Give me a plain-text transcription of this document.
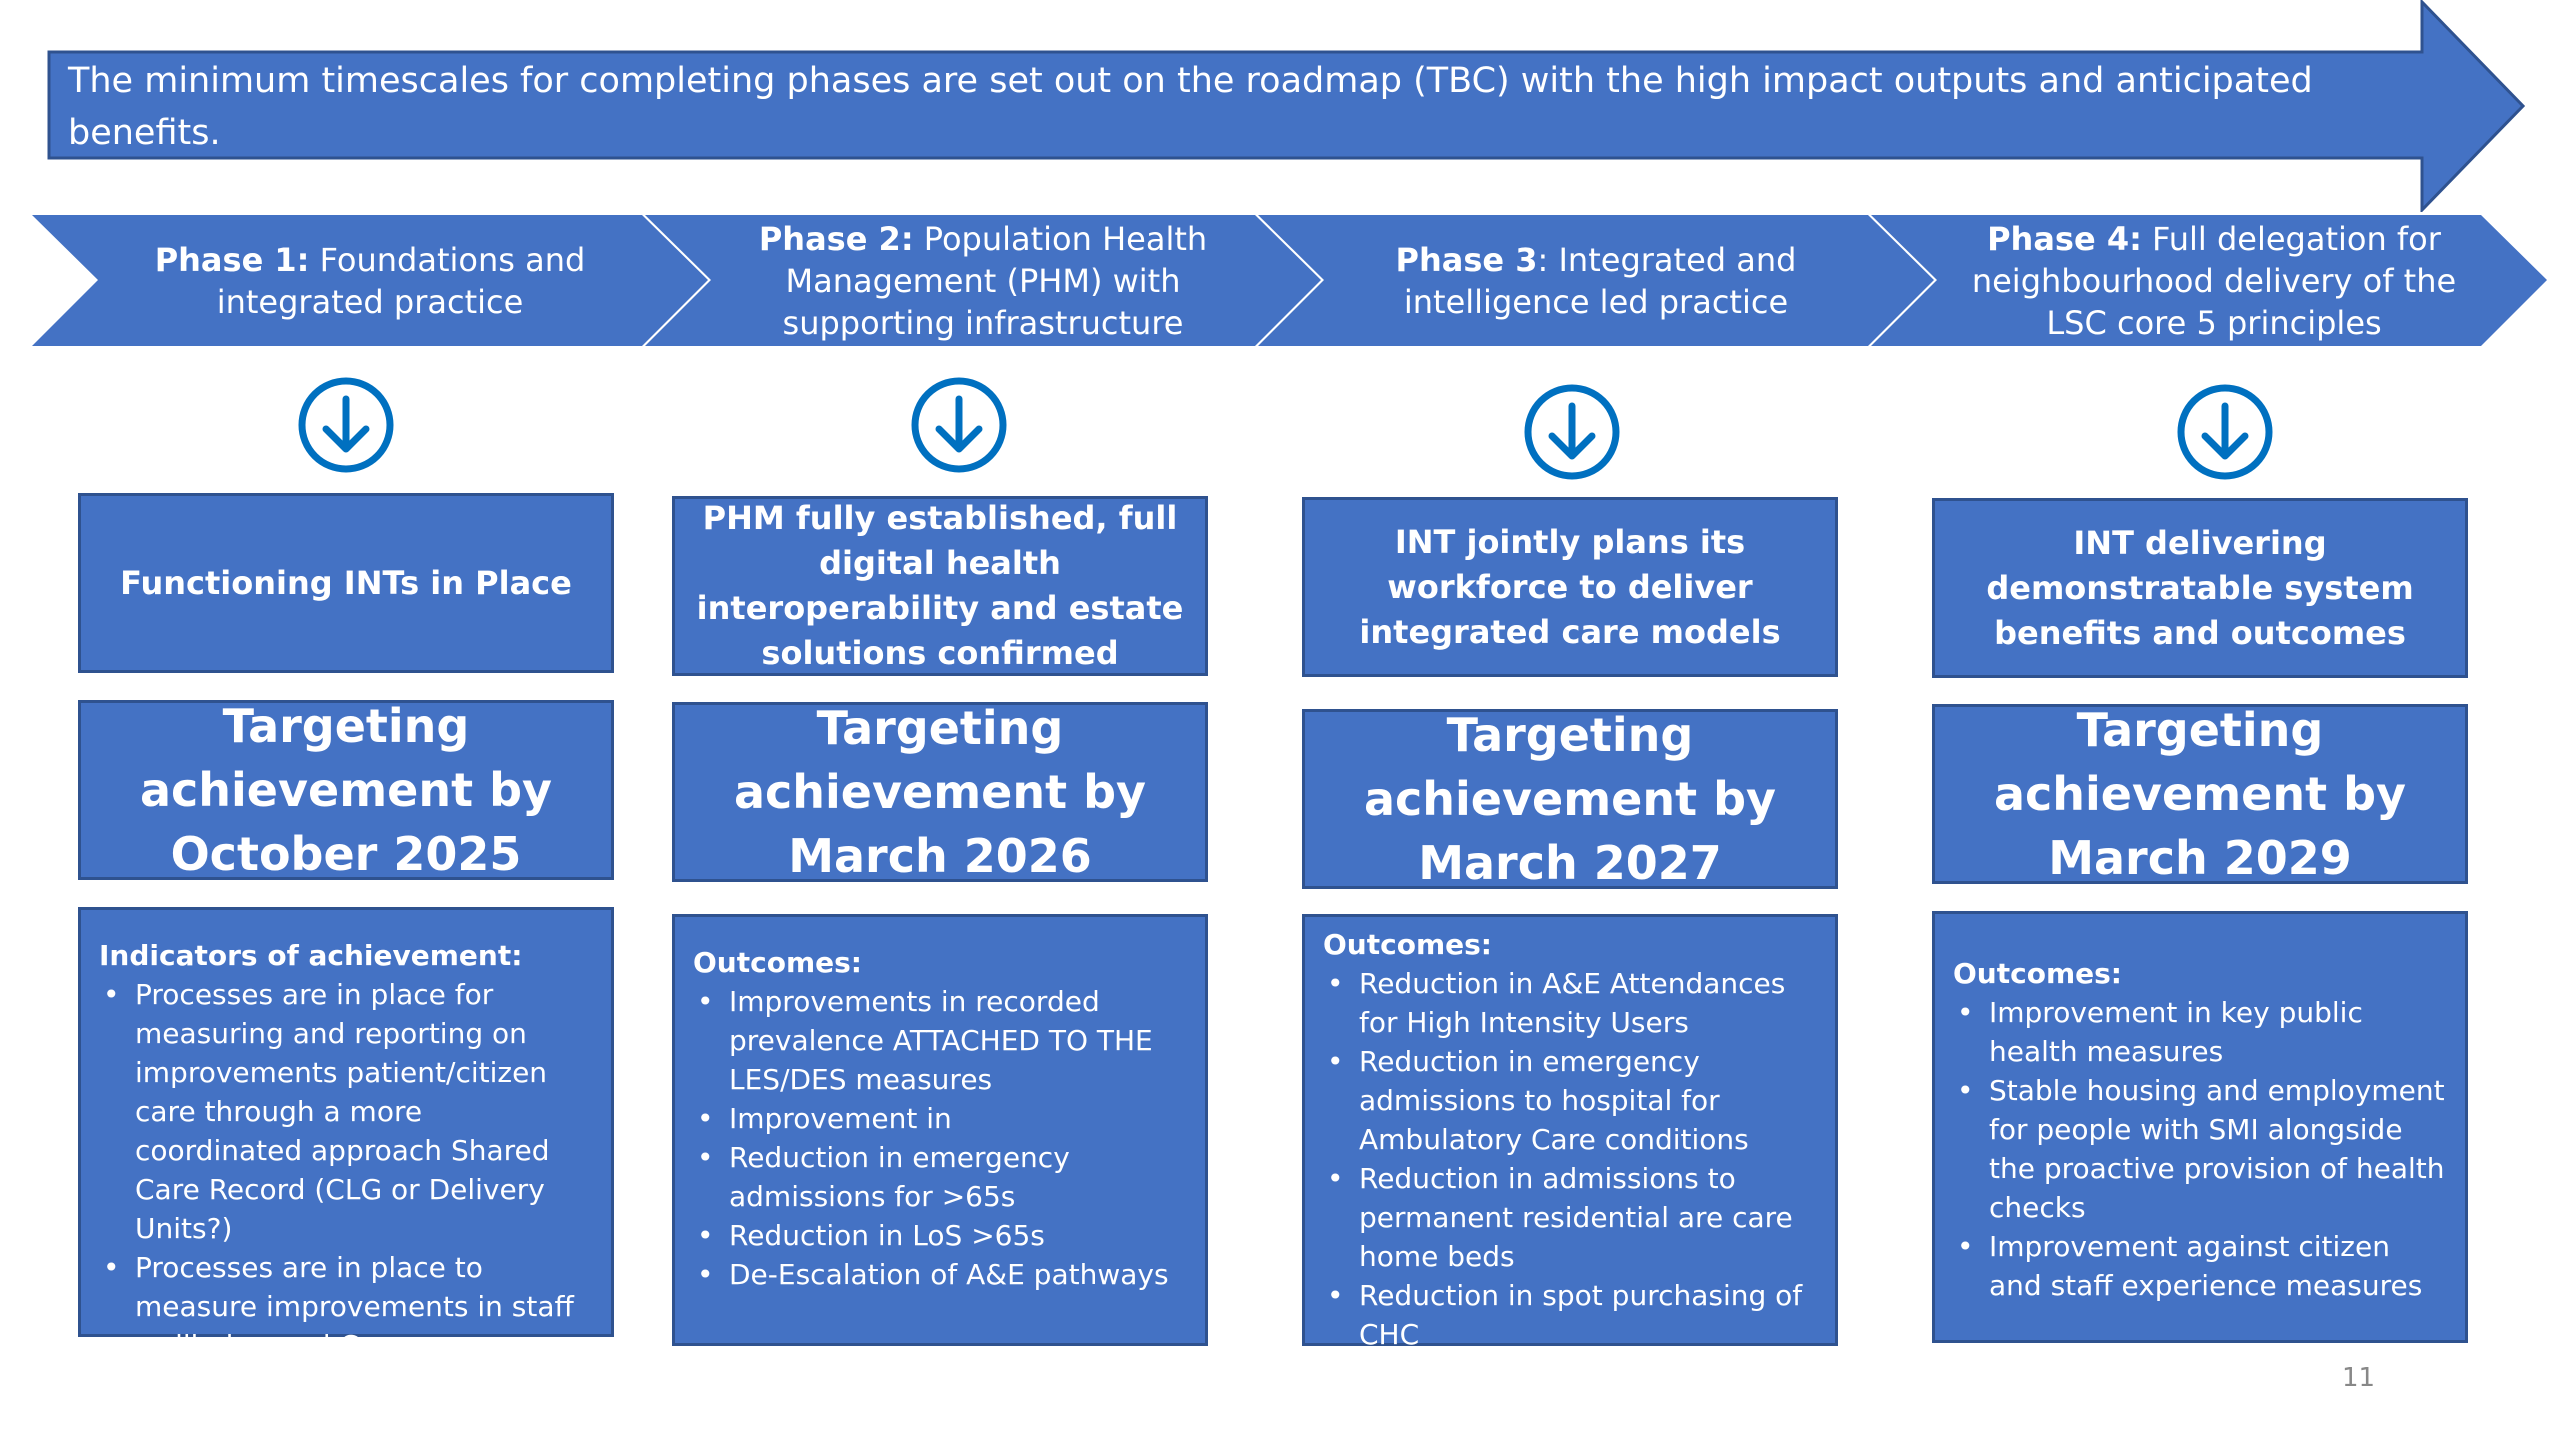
The minimum timescales for completing phases are set out on the roadmap (TBC) with the high impact outputs and anticipated benefits.
We acknowledge some PLACES have a mature model where some are currently in the early stages of development
Phase 1: Foundations and integrated practice
Phase 2: Population Health Management (PHM) with supporting infrastructure
Phase 3: Integrated and intelligence led practice
Phase 4: Full delegation for neighbourhood delivery of the LSC core 5 principles
Functioning INTs in Place
Targeting achievement by October 2025
Indicators of achievement:
• Processes are in place for measuring and reporting on improvements patient/citizen care through a more coordinated approach Shared Care Record (CLG or Delivery Units?)
• Processes are in place to measure improvements in staff wellbeing and Case Management numbers
PHM fully established, full digital health interoperability and estate solutions confirmed
Targeting achievement by March 2026
Outcomes:
• Improvements in recorded prevalence ATTACHED TO THE LES/DES measures
• Improvement in
• Reduction in emergency admissions for >65s
• Reduction in LoS >65s
• De-Escalation of A&E pathways
INT jointly plans its workforce to deliver integrated care models
Targeting achievement by March 2027
Outcomes:
• Reduction in A&E Attendances for High Intensity Users
• Reduction in emergency admissions to hospital for Ambulatory Care conditions
• Reduction in admissions to permanent residential are care home beds
• Reduction in spot purchasing of CHC
INT delivering demonstratable system benefits and outcomes
Targeting achievement by March 2029
Outcomes:
• Improvement in key public health measures
• Stable housing and employment for people with SMI alongside the proactive provision of health checks
• Improvement against citizen and staff experience measures
11
